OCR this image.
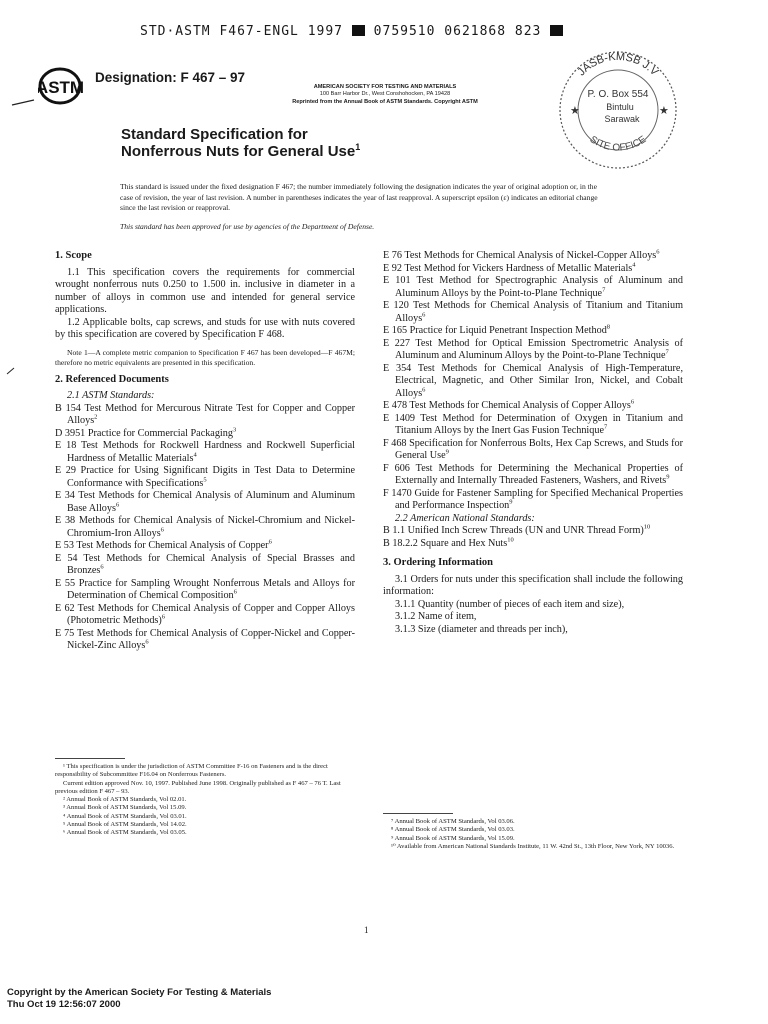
STD·ASTM F467-ENGL 1997 0759510 0621868 823
ASTM
Designation: F 467 – 97
AMERICAN SOCIETY FOR TESTING AND MATERIALS
100 Barr Harbor Dr., West Conshohocken, PA 19428
Reprinted from the Annual Book of ASTM Standards. Copyright ASTM
JASB-KMSB J.V
SITE OFFICE
P. O. Box 554
Bintulu
Sarawak
★	★
Standard Specification for
Nonferrous Nuts for General Use$^1$
This standard is issued under the fixed designation F 467; the number immediately following the designation indicates the year of original adoption or, in the case of revision, the year of last revision. A number in parentheses indicates the year of last reapproval. A superscript epsilon (ε) indicates an editorial change since the last revision or reapproval.
This standard has been approved for use by agencies of the Department of Defense.
1. Scope

1.1 This specification covers the requirements for commercial wrought nonferrous nuts 0.250 to 1.500 in. inclusive in diameter in a number of alloys in common use and intended for general service applications.

1.2 Applicable bolts, cap screws, and studs for use with nuts covered by this specification are covered by Specification F 468.

Note 1—A complete metric companion to Specification F 467 has been developed—F 467M; therefore no metric equivalents are presented in this specification.

2. Referenced Documents

2.1 ASTM Standards:

B 154 Test Method for Mercurous Nitrate Test for Copper and Copper Alloys$^2$

D 3951 Practice for Commercial Packaging$^3$

E 18 Test Methods for Rockwell Hardness and Rockwell Superficial Hardness of Metallic Materials$^4$

E 29 Practice for Using Significant Digits in Test Data to Determine Conformance with Specifications$^5$

E 34 Test Methods for Chemical Analysis of Aluminum and Aluminum Base Alloys$^6$

E 38 Methods for Chemical Analysis of Nickel-Chromium and Nickel-Chromium-Iron Alloys$^6$

E 53 Test Methods for Chemical Analysis of Copper$^6$

E 54 Test Methods for Chemical Analysis of Special Brasses and Bronzes$^6$

E 55 Practice for Sampling Wrought Nonferrous Metals and Alloys for Determination of Chemical Composition$^6$

E 62 Test Methods for Chemical Analysis of Copper and Copper Alloys (Photometric Methods)$^6$

E 75 Test Methods for Chemical Analysis of Copper-Nickel and Copper-Nickel-Zinc Alloys$^6$

E 76 Test Methods for Chemical Analysis of Nickel-Copper Alloys$^6$

E 92 Test Method for Vickers Hardness of Metallic Materials$^4$

E 101 Test Method for Spectrographic Analysis of Aluminum and Aluminum Alloys by the Point-to-Plane Technique$^7$

E 120 Test Methods for Chemical Analysis of Titanium and Titanium Alloys$^6$

E 165 Practice for Liquid Penetrant Inspection Method$^8$

E 227 Test Method for Optical Emission Spectrometric Analysis of Aluminum and Aluminum Alloys by the Point-to-Plane Technique$^7$

E 354 Test Methods for Chemical Analysis of High-Temperature, Electrical, Magnetic, and Other Similar Iron, Nickel, and Cobalt Alloys$^6$

E 478 Test Methods for Chemical Analysis of Copper Alloys$^6$

E 1409 Test Method for Determination of Oxygen in Titanium and Titanium Alloys by the Inert Gas Fusion Technique$^7$

F 468 Specification for Nonferrous Bolts, Hex Cap Screws, and Studs for General Use$^9$

F 606 Test Methods for Determining the Mechanical Properties of Externally and Internally Threaded Fasteners, Washers, and Rivets$^9$

F 1470 Guide for Fastener Sampling for Specified Mechanical Properties and Performance Inspection$^9$

2.2 American National Standards:

B 1.1 Unified Inch Screw Threads (UN and UNR Thread Form)$^{10}$

B 18.2.2 Square and Hex Nuts$^{10}$

3. Ordering Information

3.1 Orders for nuts under this specification shall include the following information:

3.1.1 Quantity (number of pieces of each item and size),

3.1.2 Name of item,

3.1.3 Size (diameter and threads per inch),

¹ This specification is under the jurisdiction of ASTM Committee F-16 on Fasteners and is the direct responsibility of Subcommittee F16.04 on Nonferrous Fasteners.

Current edition approved Nov. 10, 1997. Published June 1998. Originally published as F 467 – 76 T. Last previous edition F 467 – 93.

² Annual Book of ASTM Standards, Vol 02.01.

³ Annual Book of ASTM Standards, Vol 15.09.

⁴ Annual Book of ASTM Standards, Vol 03.01.

⁵ Annual Book of ASTM Standards, Vol 14.02.

⁶ Annual Book of ASTM Standards, Vol 03.05.

⁷ Annual Book of ASTM Standards, Vol 03.06.

⁸ Annual Book of ASTM Standards, Vol 03.03.

⁹ Annual Book of ASTM Standards, Vol 15.09.

¹⁰ Available from American National Standards Institute, 11 W. 42nd St., 13th Floor, New York, NY 10036.

1
Copyright by the American Society For Testing & Materials
Thu Oct 19 12:56:07 2000
